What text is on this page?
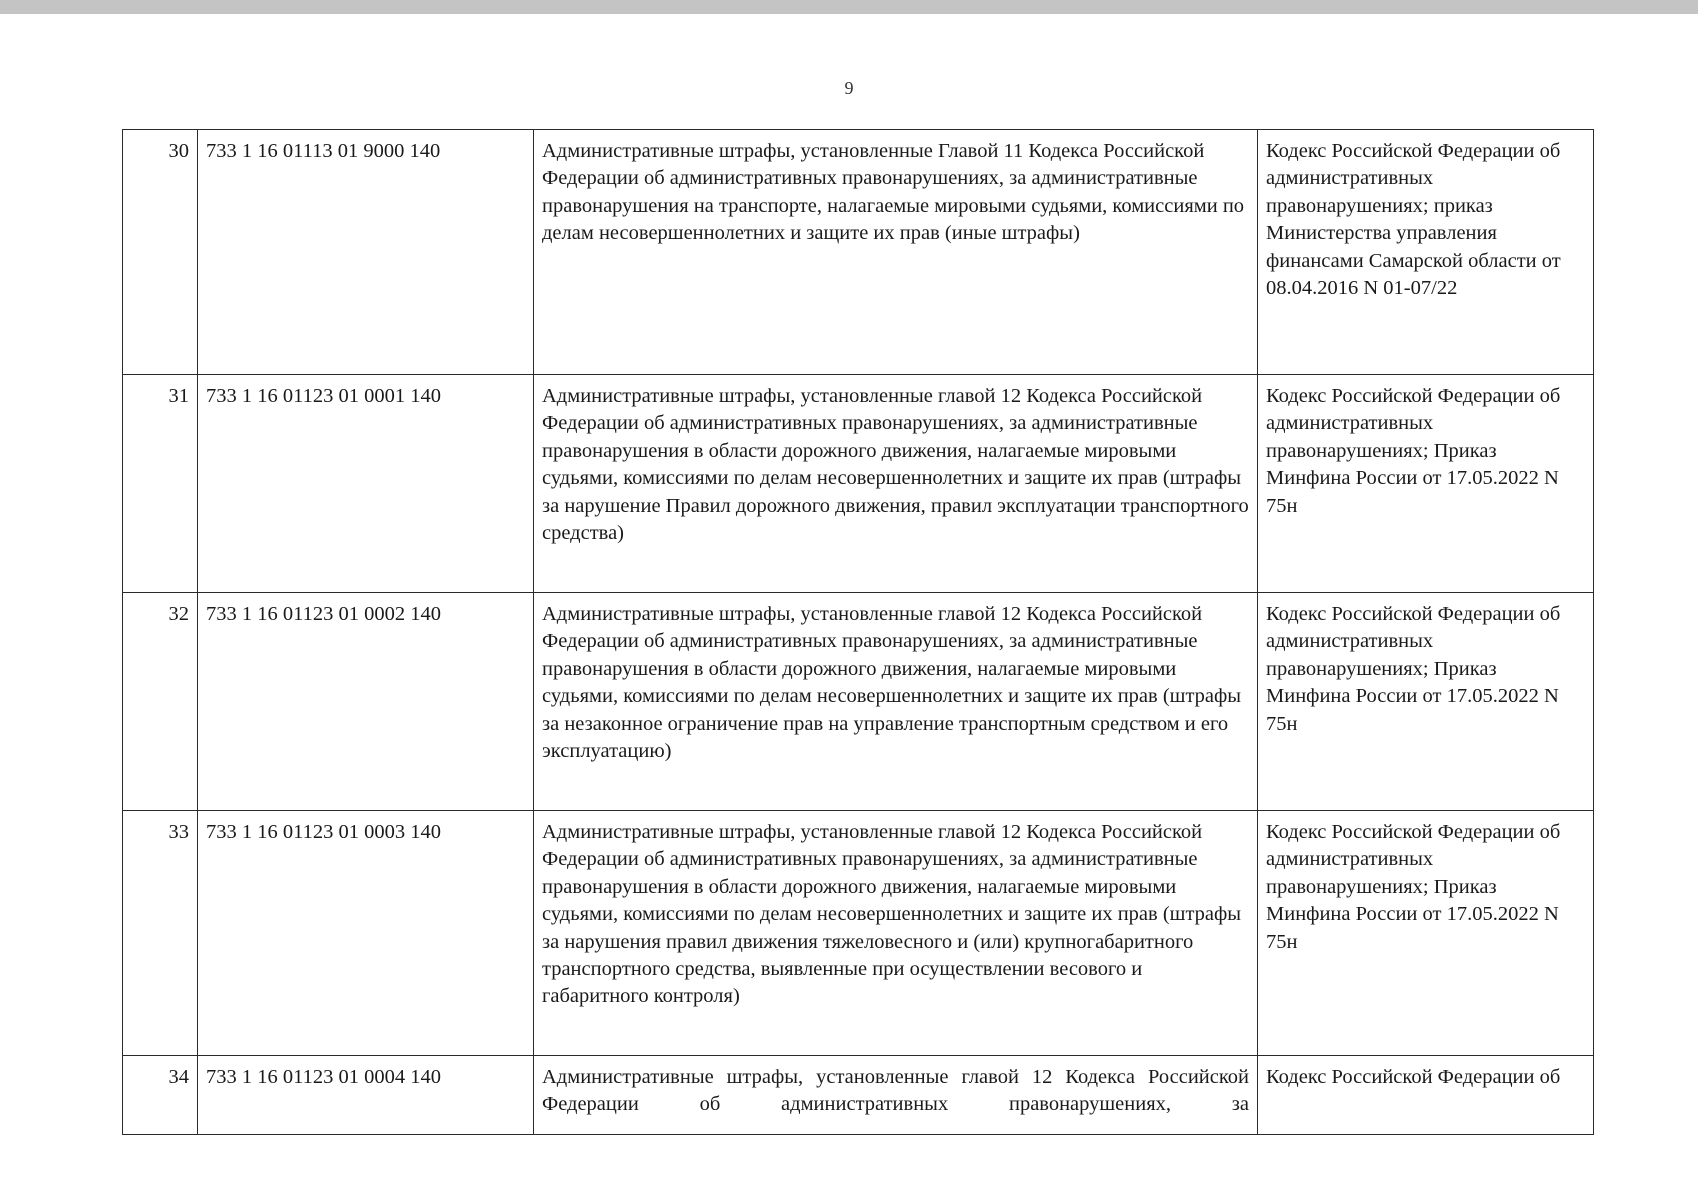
9
30	733 1 16 01113 01 9000 140	Административные штрафы, установленные Главой 11 Кодекса Российской Федерации об административных правонарушениях, за административные правонарушения на транспорте, налагаемые мировыми судьями, комиссиями по делам несовершеннолетних и защите их прав (иные штрафы)	Кодекс Российской Федерации об административных правонарушениях; приказ Министерства управления финансами Самарской области от 08.04.2016 N 01-07/22
31	733 1 16 01123 01 0001 140	Административные штрафы, установленные главой 12 Кодекса Российской Федерации об административных правонарушениях, за административные правонарушения в области дорожного движения, налагаемые мировыми судьями, комиссиями по делам несовершеннолетних и защите их прав (штрафы за нарушение Правил дорожного движения, правил эксплуатации транспортного средства)	Кодекс Российской Федерации об административных правонарушениях; Приказ Минфина России от 17.05.2022 N 75н
32	733 1 16 01123 01 0002 140	Административные штрафы, установленные главой 12 Кодекса Российской Федерации об административных правонарушениях, за административные правонарушения в области дорожного движения, налагаемые мировыми судьями, комиссиями по делам несовершеннолетних и защите их прав (штрафы за незаконное ограничение прав на управление транспортным средством и его эксплуатацию)	Кодекс Российской Федерации об административных правонарушениях; Приказ Минфина России от 17.05.2022 N 75н
33	733 1 16 01123 01 0003 140	Административные штрафы, установленные главой 12 Кодекса Российской Федерации об административных правонарушениях, за административные правонарушения в области дорожного движения, налагаемые мировыми судьями, комиссиями по делам несовершеннолетних и защите их прав (штрафы за нарушения правил движения тяжеловесного и (или) крупногабаритного транспортного средства, выявленные при осуществлении весового и габаритного контроля)	Кодекс Российской Федерации об административных правонарушениях; Приказ Минфина России от 17.05.2022 N 75н
34	733 1 16 01123 01 0004 140	Административные штрафы, установленные главой 12 Кодекса Российской Федерации об административных правонарушениях, за	Кодекс Российской Федерации об
